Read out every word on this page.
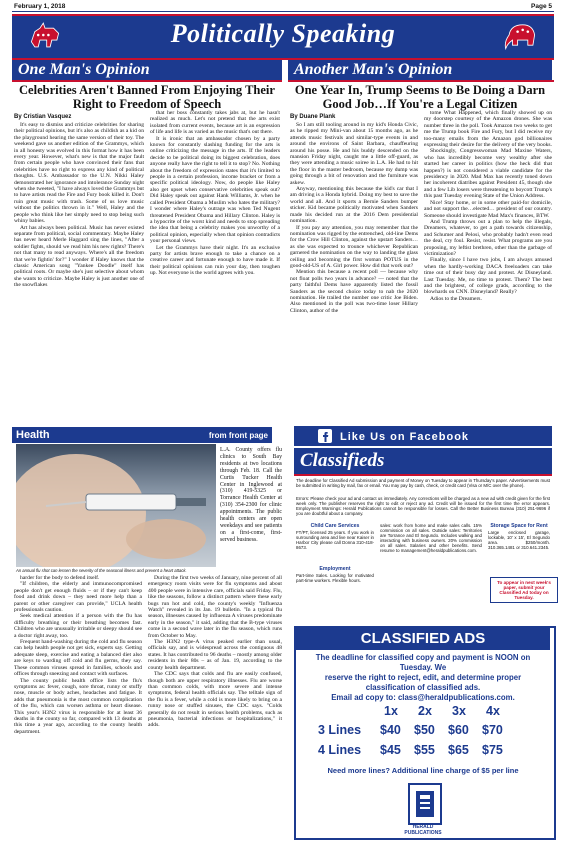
February 1, 2018	Page 5
Politically Speaking
One Man's Opinion
Celebrities Aren't Banned From Enjoying Their Right to Freedom of Speech
By Cristian Vasquez

It's easy to dismiss and criticize celebrities for sharing their political opinions, but it's also as childish as a kid on the playground hearing the same version of their toy. The weekend gave us another edition of the Grammys, which in all honesty was evolved in this format how it has been every year. However, what's new is that the major fault from certain people who have convinced their fans that celebrities have no right to express any kind of political thoughts. U.S. Ambassador to the U.N. Nikki Haley demonstrated her ignorance and intolerance Sunday night when she tweeted, "I have always loved the Grammys but to have artists read the Fire and Fury book killed it. Don't ruin great music with trash. Some of us love music without the politics thrown in it." Well, Haley and the people who think like her simply need to stop being such whiny babies.

Art has always been political. Music has never existed separate from political, social commentary. Maybe Haley has never heard Merle Haggard sing the lines, "After a soldier fights, should we read him his new rights? There's not that many to read anyways. Where's all the freedom that we're fightin' for?" I wonder if Haley knows that the classic American song "Yankee Doodle" itself has political roots. Or maybe she's just selective about whom she wants to criticize. Maybe Haley is just another one of the snowflakes

that her boss constantly takes jabs at, but he hasn't realized as much. Let's not pretend that the arts exist isolated from current events, because art is an expression of life and life is as varied as the music that's out there.

It is ironic that an ambassador chosen by a party known for constantly slashing funding for the arts is online criticizing the message in the arts. If the leaders decide to be political doing its biggest celebration, does anyone really have the right to tell it to stop? No. Nothing about the freedom of expression states that it's limited to people in a certain profession, income bracket or from a specific political ideology. Now, do people like Haley also get upset when conservative celebrities speak out? Did Haley speak out against Hank Williams, Jr. when he called President Obama a Muslim who hates the military? I wonder where Haley's outrage was when Ted Nugent threatened President Obama and Hillary Clinton. Haley is a hypocrite of the worst kind and needs to stop spreading the idea that being a celebrity makes you unworthy of a political opinion, especially when that opinion contradicts your personal views.

Let the Grammys have their night. It's an exclusive party for artists brave enough to take a chance on a creative career and fortunate enough to have made it. If their political opinions can ruin your day, then toughen up. Not everyone is the world agrees with you.

Another Man's Opinion
One Year In, Trump Seems to Be Doing a Darn Good Job…If You're a Legal Citizen
By Duane Plank

So I am still tooling around in my kid's Honda Civic, as he ripped my Mini-van about 15 months ago, as he attends music festivals and similar-type events in and around the environs of Saint Barbara, chauffeuring around his posse. He and his buddy descended on the mansion Friday night, caught me a little off-guard, as they were attending a music soiree in L.A. He had to hit the floor in the master bedroom, because my dump was going through a bit of renovation and the furniture was askew.

Anyway, mentioning this because the kid's car that I am driving is a Honda hybrid. Doing my best to save the world and all. And it sports a Bernie Sanders bumper sticker. Kid became politically motivated when Sanders made his decided run at the 2016 Dem presidential nomination.

If you pay any attention, you may remember that the nomination was rigged by the entrenched, old-line Dems for the Crow Hill Clinton, against the upstart Sanders… as she was expected to trounce whichever Republican garnered the nomination on the way to landing the glass ceiling and becoming the first woman POTUS in the good-old-US of A. Girl power. How did that work out?

Mention this because a recent poll — because why not float polls two years in advance? — noted that the party faithful Dems have apparently listed the fossil Sanders as the second choice today to nab the 2020 nomination. He trailed the number one critic Joe Biden. Also mentioned in the poll was two-time loser Hillary Clinton, author of the

tome What Happened, which finally showed up on my doorstep courtesy of the Amazon drones. She was number three in the poll. Took Amazon two weeks to get me the Trump book Fire and Fury, but I did receive my too-many emails from the Amazon god billionaires expressing their desire for the delivery of the very books.

Shockingly, Congresswoman Mad Maxine Waters, who has incredibly become very wealthy after she started her career in politics (how the heck did that happen?) is not considered a viable candidate for the presidency in 2020. Mad Max has recently toned down her incoherent diatribes against President 45, though she and a few Lib losers were threatening to boycott Trump's this past Tuesday evening State of the Union Address.

Nice! Stay home, or in some other paid-for domicile, and not support the…elected… president of our country. Someone should investigate Mad Max's finances, BTW.

And Trump throws out a plan to help the illegals, Dreamers, whatever, to get a path towards citizenship, and Schumer and Pelosi, who probably hadn't even read the deal, cry foul. Resist, resist. What programs are you proposing, my leftist brethren, other than the garbage of victimization?

Finally, since I have two jobs, I am always amused when the hardly-working DACA freeloaders can take time out of their busy day and protest. At Disneyland. Last Tuesday. Me, no time to protest. Them? The best and the brightest, of college grads, according to the blowhards on CNN. Disneyland? Really?

Adios to the Dreamers.

Health	from front page
An annual flu shot can lessen the severity of the seasonal illness and prevent a heart attack.
L.A. County offers flu clinics to South Bay residents at two locations through Feb. 18. Call the Curtis Tucker Health Center in Inglewood at (310) 419-5325 or Torrance Health Center at (310) 354-2300 for clinic appointments. The public health centers are open weekdays and see patients on a first-come, first-served business.

harder for the body to defend itself.

"If children, the elderly and immunocompromised people don't get enough fluids – or if they can't keep food and drink down – they need more help than a parent or other caregiver can provide," UCLA health professionals caution.

Seek medical attention if a person with the flu has difficulty breathing or their breathing becomes fast. Children who are unusually irritable or sleepy should see a doctor right away, too.

Frequent hand-washing during the cold and flu season can help health people not get sick, experts say. Getting adequate sleep, exercise and eating a balanced diet also are keys to warding off cold and flu germs, they say. These common viruses spread in families, schools and offices through sneezing and contact with surfaces.

The county public health office lists the flu's symptoms as: fever, cough, sore throat, runny or stuffy nose, muscle or body aches, headaches and fatigue. It adds that pneumonia is the most common complication of the flu, which can worsen asthma or heart disease. This year's H3N2 virus is responsible for at least 36 deaths in the county so far, compared with 13 deaths at this time a year ago, according to the county health department.

During the first two weeks of January, nine percent of all emergency room visits were for flu symptoms and about 400 people were in intensive care, officials said Friday. Flu, like the seasons, follow a distinct pattern where these early bugs run hot and cold, the county's weekly "Influenza Watch" revealed in its Jan. 19 bulletin. "In a typical flu season, illnesses caused by influenza A viruses predominate early in the season," it said, adding that the B-type viruses come in a second wave later in the flu season, which runs from October to May.

The H3N2 type-A virus peaked earlier than usual, officials say, and is widespread across the contiguous 48 states. It has contributed to 96 deaths – mostly among older residents in their 80s – as of Jan. 19, according to the county health department.

The CDC says that colds and flu are easily confused, though both are upper respiratory illnesses. Flu are worse than common colds, with more severe and intense symptoms, federal health officials say. The telltale sign of the flu is a fever, while a cold is more likely to bring on a runny nose or stuffed sinuses, the CDC says. "Colds generally do not result in serious health problems, such as pneumonia, bacterial infections or hospitalizations," it adds.

Like Us on Facebook
Classifieds
The deadline for Classified Ad submission and payment of Money on Tuesday to appear in Thursday's paper. Advertisements must be submitted in writing by mail, fax or email. You may pay by cash, check, or credit card (Visa or M/C over the phone).
Errors: Please check your ad and contact us immediately. Any corrections will be charged as a new ad with credit given for the first week only. The publisher reserves the right to edit or reject any ad. Credit will be issued for the first time the error appears. Employment Warnings: Herald Publications cannot be responsible for losses. Call the Better Business Bureau (310) 251-9696 if you are doubtful about a company.
Child Care Services
FT/PT, licensed 25 years. If you work in surrounding area and live near Kaiser in Harbor City please call Donna 310-418-8673.
Employment
Part-time Sales. Looking for motivated part-time workers. Flexible hours.
sales: work from home and make sales calls. 15% commission on all sales. Outside sales: Territories are Torrance and El Segundo. Includes walking and interacting with business owners. 20% commission on all sales. Salaries and other benefits. Send resume to management@heraldpublications.com.
Storage Space for Rent
Large enclosed garage, lockable, 10' x 15', El Segundo area. $250/month. 310.365.1481 or 310.641.2345.
To appear in next week's paper, submit your Classified Ad today on Tuesday.
CLASSIFIED ADS
The deadline for classified copy and payment is NOON on Tuesday. We
reserve the right to reject, edit, and determine proper classification of classified ads.
Email ad copy to: class@heraldpublications.com.
1x 2x 3x 4x
3 Lines $40 $50 $60 $70
4 Lines $45 $55 $65 $75
Need more lines? Additional line charge of $5 per line
HERALD PUBLICATIONS
